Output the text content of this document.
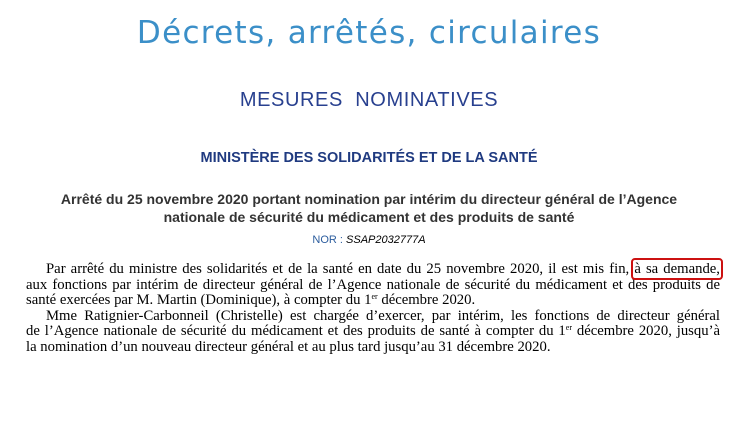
Décrets, arrêtés, circulaires
MESURES  NOMINATIVES
MINISTÈRE DES SOLIDARITÉS ET DE LA SANTÉ
Arrêté du 25 novembre 2020 portant nomination par intérim du directeur général de l’Agence nationale de sécurité du médicament et des produits de santé
NOR : SSAP2032777A
Par arrêté du ministre des solidarités et de la santé en date du 25 novembre 2020, il est mis fin, à sa demande,
aux fonctions par intérim de directeur général de l’Agence nationale de sécurité du médicament et des produits de
santé exercées par M. Martin (Dominique), à compter du 1er décembre 2020.
Mme Ratignier-Carbonneil (Christelle) est chargée d’exercer, par intérim, les fonctions de directeur général
de l’Agence nationale de sécurité du médicament et des produits de santé à compter du 1er décembre 2020, jusqu’à
la nomination d’un nouveau directeur général et au plus tard jusqu’au 31 décembre 2020.
